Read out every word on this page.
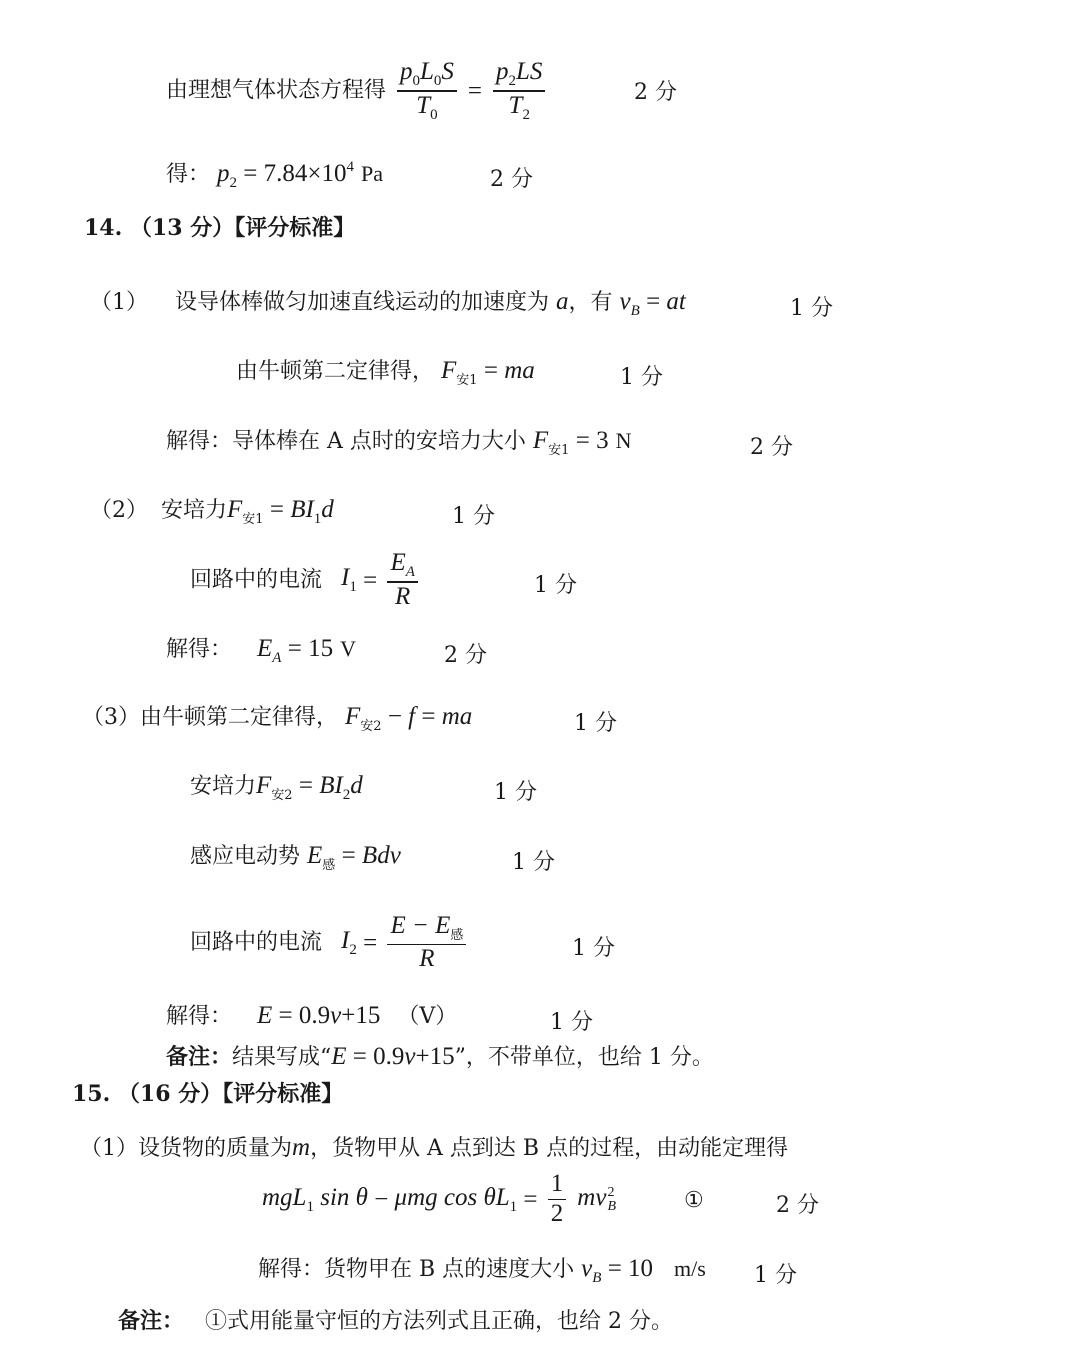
由理想气体状态方程得 $\frac{p_0L_0S}{T_0} = \frac{p_2LS}{T_2}$	2 分
得： $p_2 = 7.84\times 10^4$ Pa	2 分
14. （13 分）【评分标准】
（1） 设导体棒做匀加速直线运动的加速度为 a，有 $v_B$ = at	1 分
由牛顿第二定律得， $F_{安1}$ = ma	1 分
解得：导体棒在 A 点时的安培力大小 $F_{安1} = 3$ N	2 分
（2） 安培力$F_{安1} = BI_1d$	1 分
回路中的电流 $I_1 = \frac{E_A}{R}$	1 分
解得： $E_A = 15$ V	2 分
（3）由牛顿第二定律得， $F_{安2} - f$ = ma	1 分
安培力$F_{安2} = BI_2d$	1 分
感应电动势 $E_感$ = Bdv	1 分
回路中的电流 $I_2 = \frac{E - E_感}{R}$	1 分
解得： E = 0.9v+15 （V）	1 分
备注：结果写成“E = 0.9v+15”，不带单位，也给 1 分。
15. （16 分）【评分标准】
（1）设货物的质量为m，货物甲从 A 点到达 B 点的过程，由动能定理得
mgL$_1$ sin θ − μmg $\cos \theta L_1 = \frac{1}{2}$ mv 2
B	①	2 分
解得：货物甲在 B 点的速度大小 $v_B = 10$ m/s 1 分
备注： ①式用能量守恒的方法列式且正确，也给 2 分。
